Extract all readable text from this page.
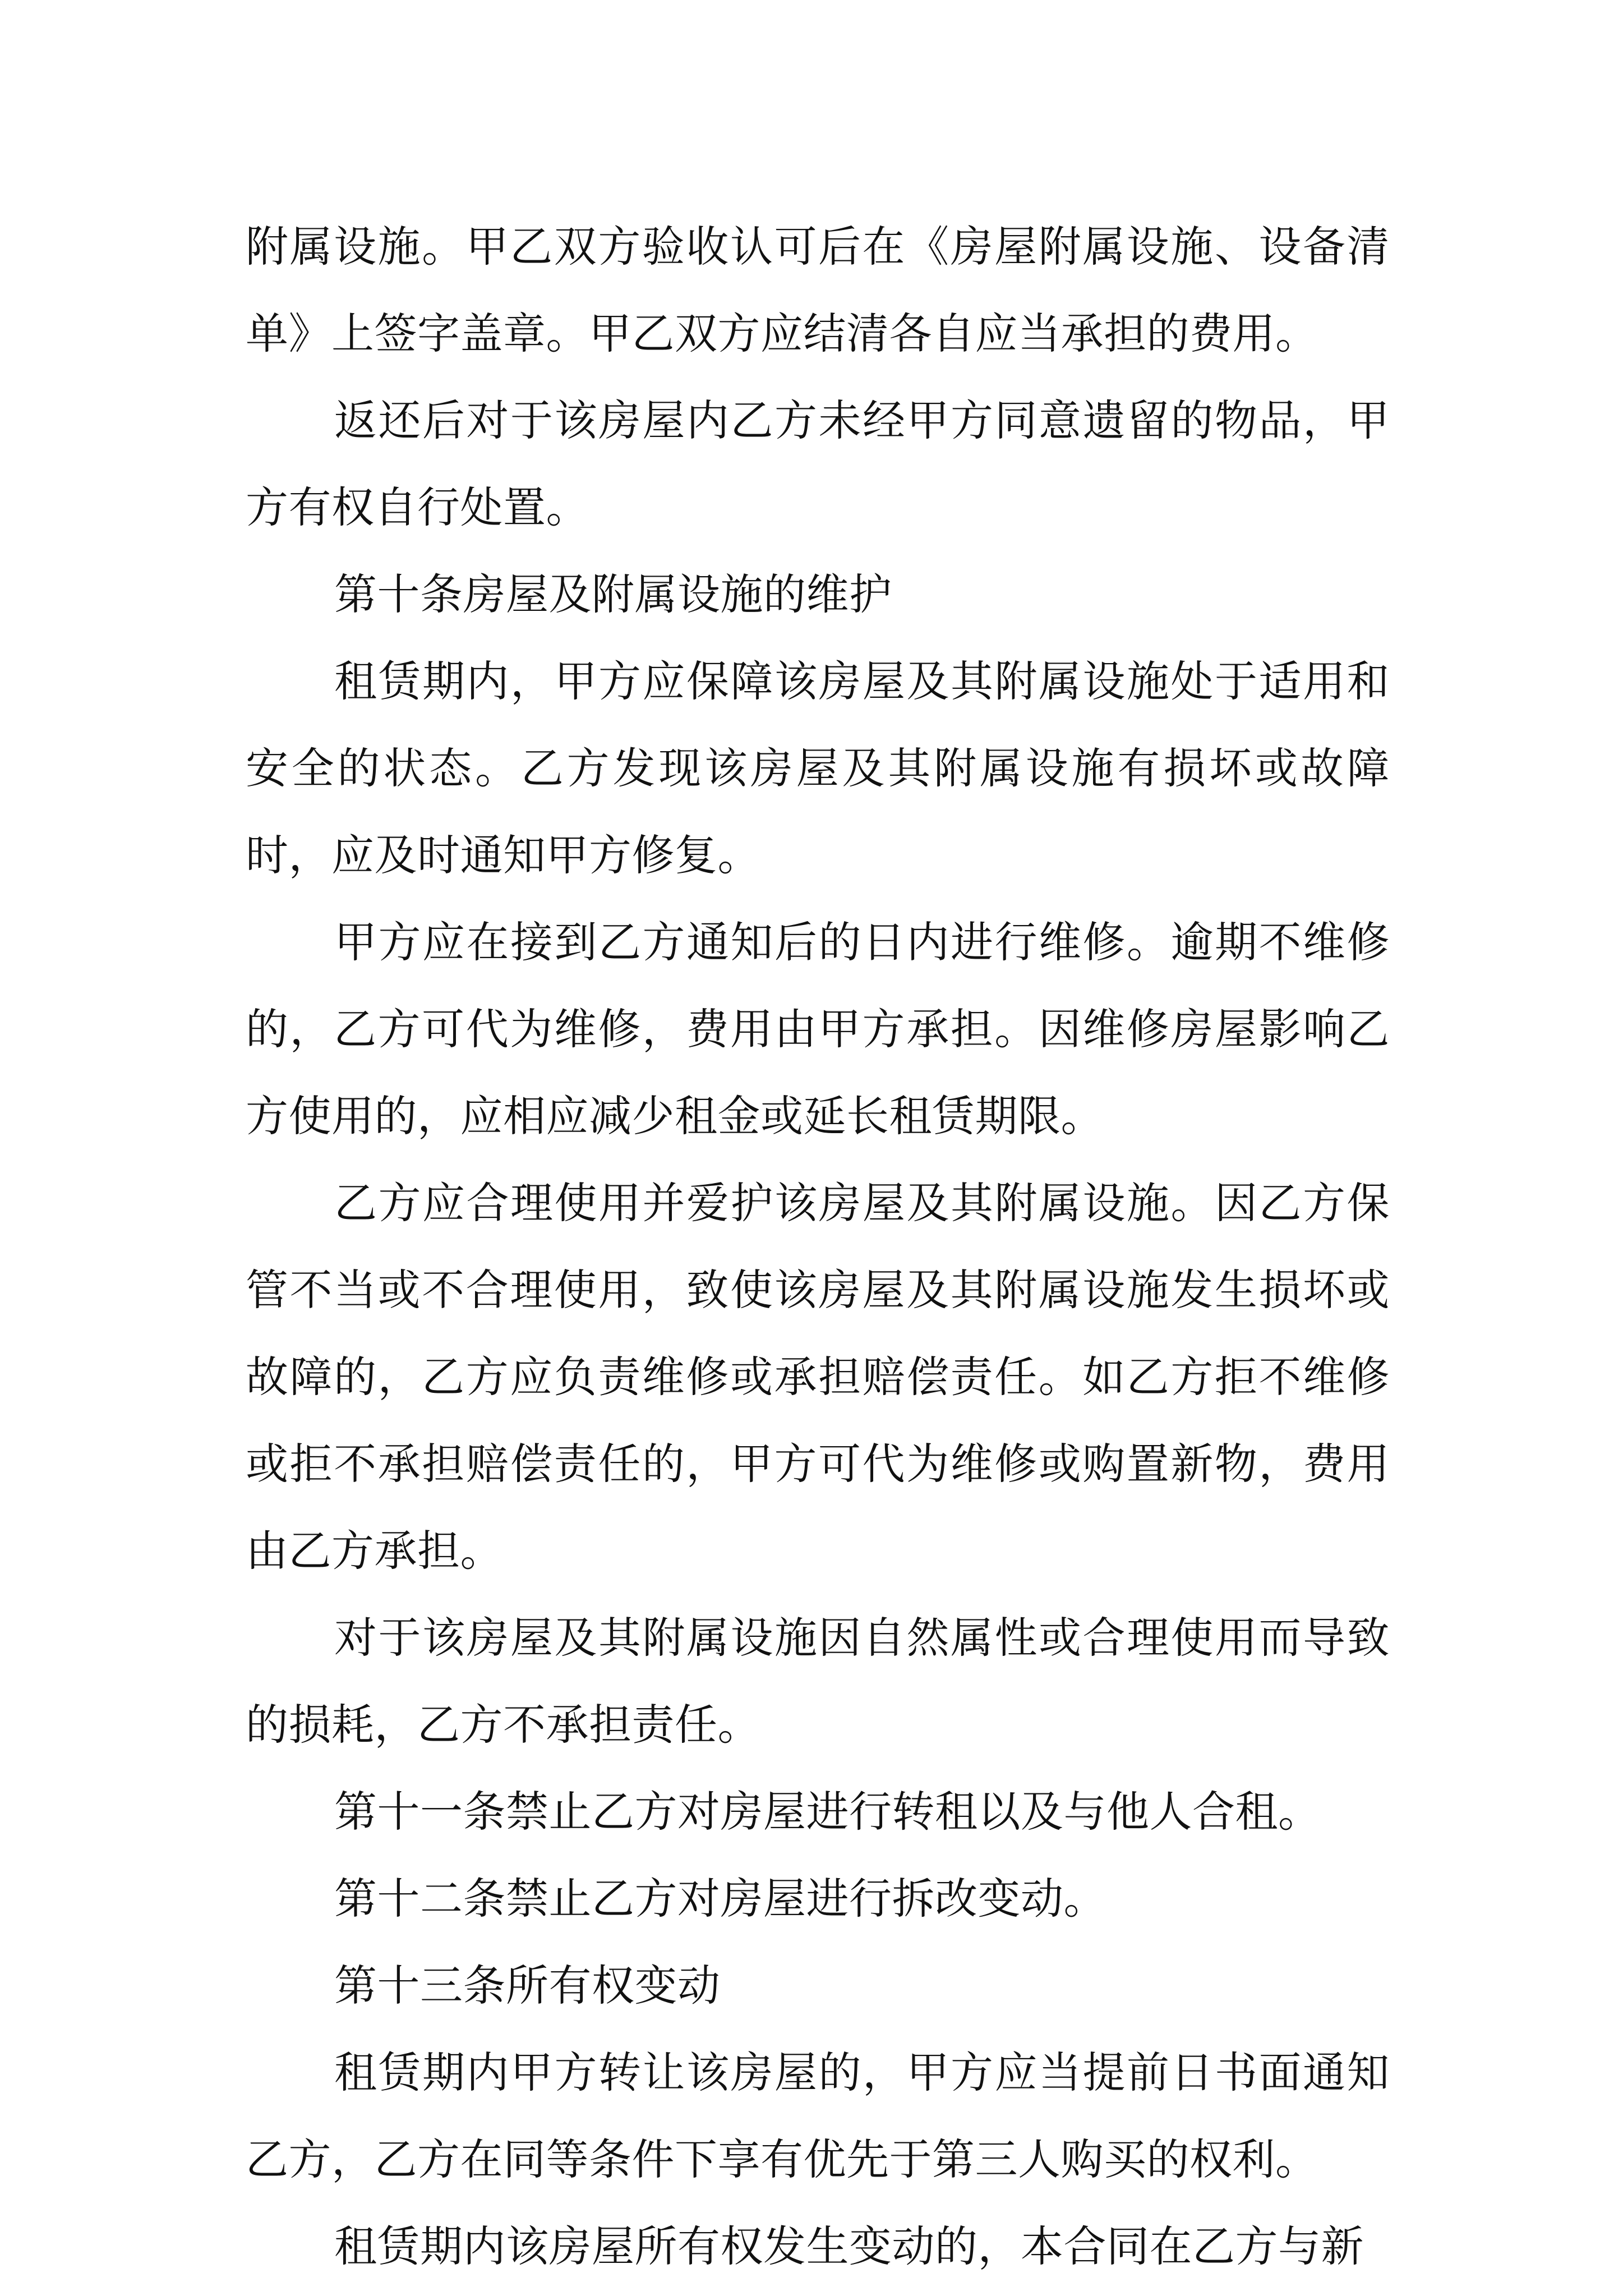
附属设施。甲乙双方验收认可后在《房屋附属设施、设备清单》上签字盖章。甲乙双方应结清各自应当承担的费用。

返还后对于该房屋内乙方未经甲方同意遗留的物品，甲方有权自行处置。

第十条房屋及附属设施的维护

租赁期内，甲方应保障该房屋及其附属设施处于适用和安全的状态。乙方发现该房屋及其附属设施有损坏或故障时，应及时通知甲方修复。

甲方应在接到乙方通知后的日内进行维修。逾期不维修的，乙方可代为维修，费用由甲方承担。因维修房屋影响乙方使用的，应相应减少租金或延长租赁期限。

乙方应合理使用并爱护该房屋及其附属设施。因乙方保管不当或不合理使用，致使该房屋及其附属设施发生损坏或故障的，乙方应负责维修或承担赔偿责任。如乙方拒不维修或拒不承担赔偿责任的，甲方可代为维修或购置新物，费用由乙方承担。

对于该房屋及其附属设施因自然属性或合理使用而导致的损耗，乙方不承担责任。

第十一条禁止乙方对房屋进行转租以及与他人合租。

第十二条禁止乙方对房屋进行拆改变动。

第十三条所有权变动

租赁期内甲方转让该房屋的，甲方应当提前日书面通知乙方，乙方在同等条件下享有优先于第三人购买的权利。

租赁期内该房屋所有权发生变动的，本合同在乙方与新
